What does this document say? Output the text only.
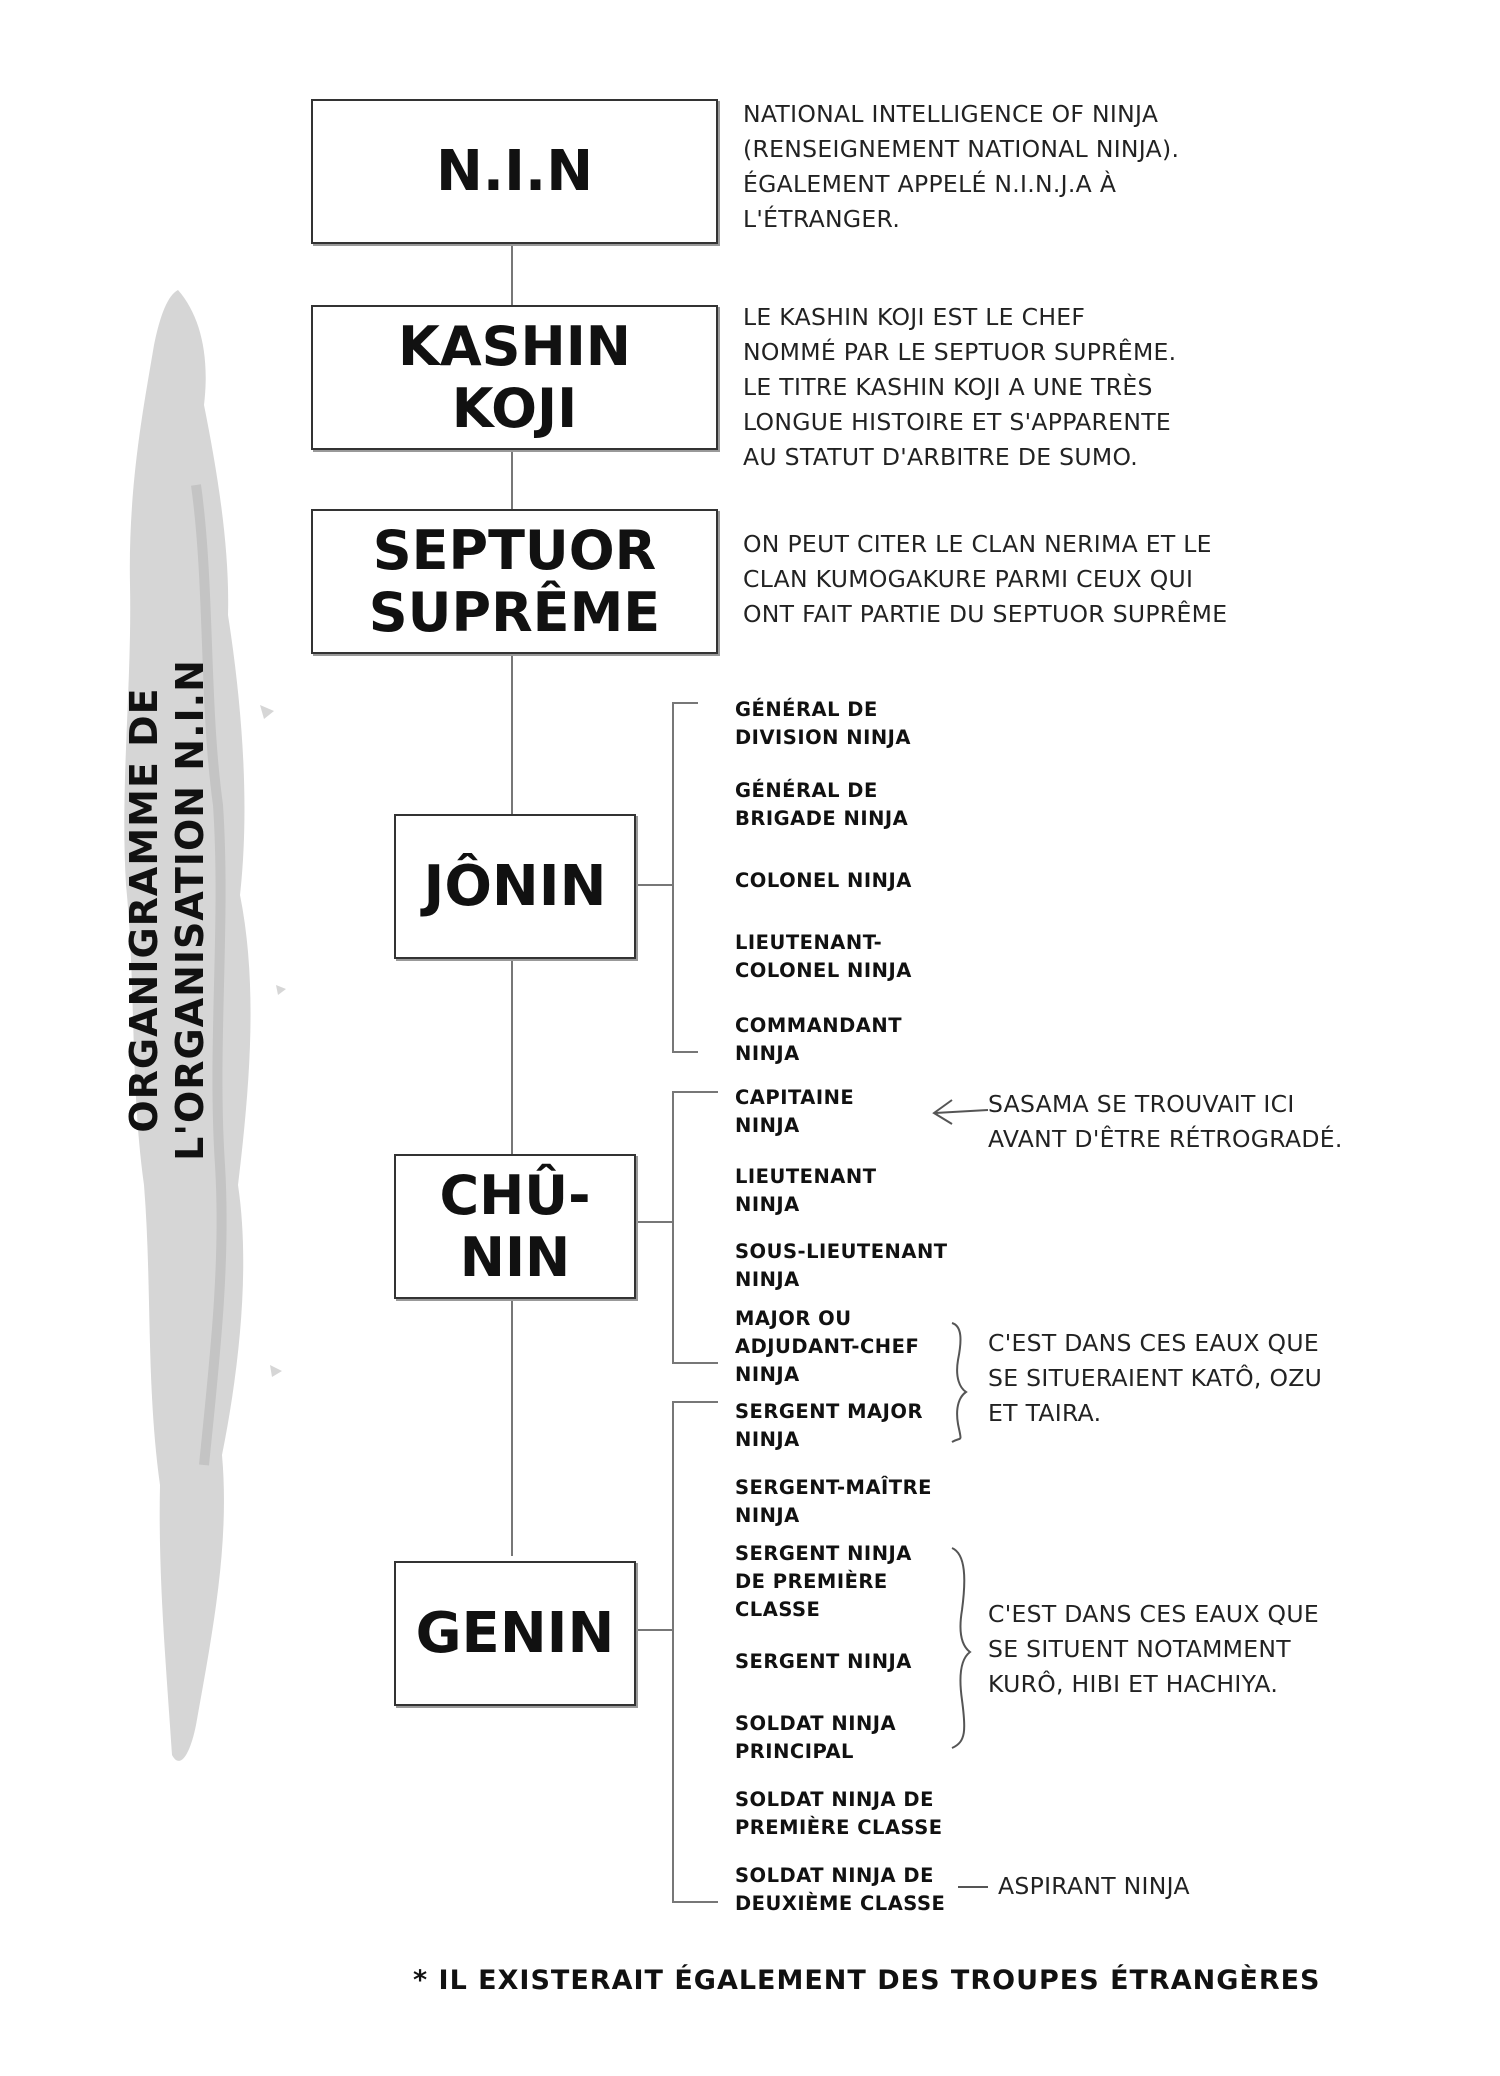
ORGANIGRAMME DE L'ORGANISATION N.I.N
N.I.N
KASHIN
KOJI
SEPTUOR
SUPRÊME
JÔNIN
CHÛ-
NIN
GENIN
NATIONAL INTELLIGENCE OF NINJA
(RENSEIGNEMENT NATIONAL NINJA).
ÉGALEMENT APPELÉ N.I.N.J.A À
L'ÉTRANGER.
LE KASHIN KOJI EST LE CHEF
NOMMÉ PAR LE SEPTUOR SUPRÊME.
LE TITRE KASHIN KOJI A UNE TRÈS
LONGUE HISTOIRE ET S'APPARENTE
AU STATUT D'ARBITRE DE SUMO.
ON PEUT CITER LE CLAN NERIMA ET LE
CLAN KUMOGAKURE PARMI CEUX QUI
ONT FAIT PARTIE DU SEPTUOR SUPRÊME
GÉNÉRAL DE
DIVISION NINJA
GÉNÉRAL DE
BRIGADE NINJA
COLONEL NINJA
LIEUTENANT-
COLONEL NINJA
COMMANDANT
NINJA
CAPITAINE
NINJA
LIEUTENANT
NINJA
SOUS-LIEUTENANT
NINJA
MAJOR OU
ADJUDANT-CHEF
NINJA
SERGENT MAJOR
NINJA
SERGENT-MAÎTRE
NINJA
SERGENT NINJA
DE PREMIÈRE
CLASSE
SERGENT NINJA
SOLDAT NINJA
PRINCIPAL
SOLDAT NINJA DE
PREMIÈRE CLASSE
SOLDAT NINJA DE
DEUXIÈME CLASSE
SASAMA SE TROUVAIT ICI
AVANT D'ÊTRE RÉTROGRADÉ.
C'EST DANS CES EAUX QUE
SE SITUERAIENT KATÔ, OZU
ET TAIRA.
C'EST DANS CES EAUX QUE
SE SITUENT NOTAMMENT
KURÔ, HIBI ET HACHIYA.
ASPIRANT NINJA
* IL EXISTERAIT ÉGALEMENT DES TROUPES ÉTRANGÈRES
